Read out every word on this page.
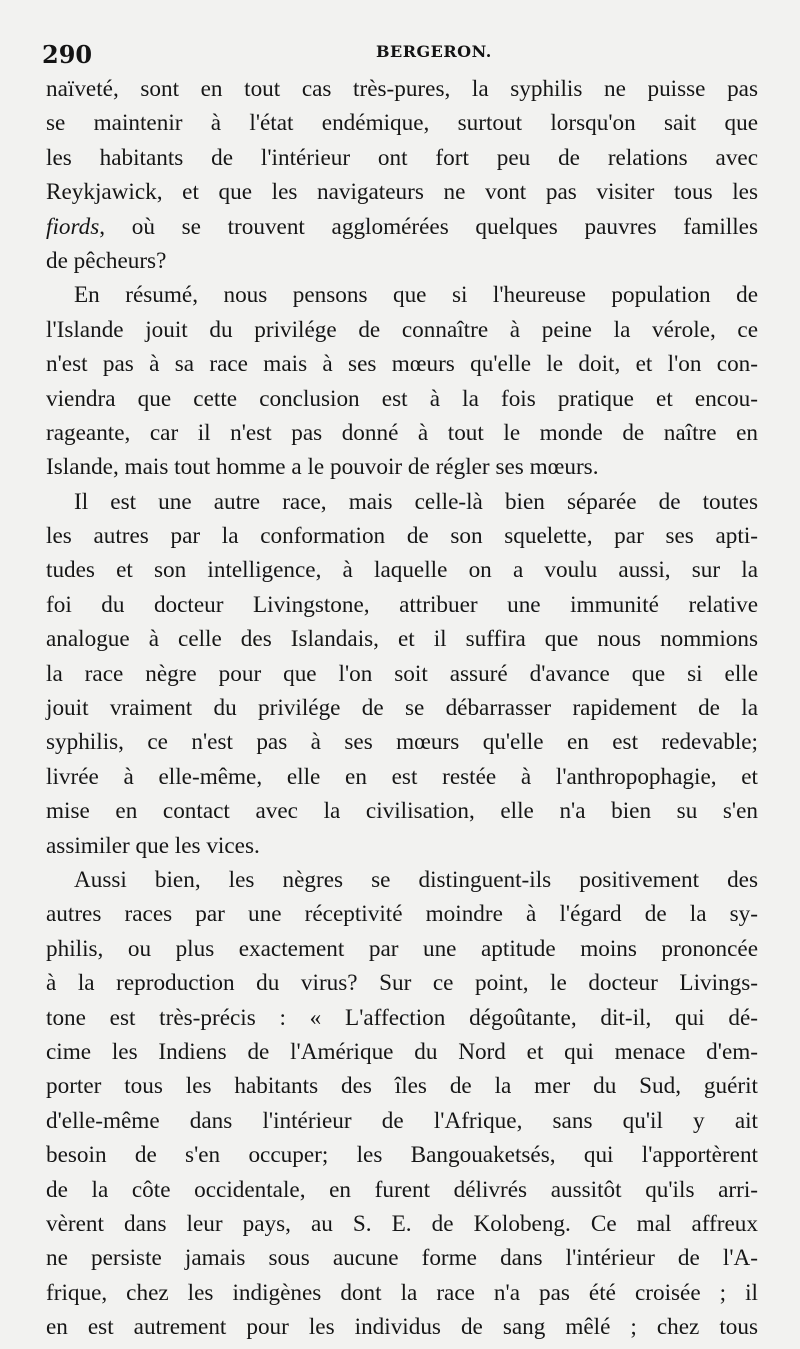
290	BERGERON.
naïveté, sont en tout cas très-pures, la syphilis ne puisse pas
se maintenir à l'état endémique, surtout lorsqu'on sait que
les habitants de l'intérieur ont fort peu de relations avec
Reykjawick, et que les navigateurs ne vont pas visiter tous les
fiords, où se trouvent agglomérées quelques pauvres familles
de pêcheurs?
En résumé, nous pensons que si l'heureuse population de
l'Islande jouit du privilége de connaître à peine la vérole, ce
n'est pas à sa race mais à ses mœurs qu'elle le doit, et l'on con-
viendra que cette conclusion est à la fois pratique et encou-
rageante, car il n'est pas donné à tout le monde de naître en
Islande, mais tout homme a le pouvoir de régler ses mœurs.
Il est une autre race, mais celle-là bien séparée de toutes
les autres par la conformation de son squelette, par ses apti-
tudes et son intelligence, à laquelle on a voulu aussi, sur la
foi du docteur Livingstone, attribuer une immunité relative
analogue à celle des Islandais, et il suffira que nous nommions
la race nègre pour que l'on soit assuré d'avance que si elle
jouit vraiment du privilége de se débarrasser rapidement de la
syphilis, ce n'est pas à ses mœurs qu'elle en est redevable;
livrée à elle-même, elle en est restée à l'anthropophagie, et
mise en contact avec la civilisation, elle n'a bien su s'en
assimiler que les vices.
Aussi bien, les nègres se distinguent-ils positivement des
autres races par une réceptivité moindre à l'égard de la sy-
philis, ou plus exactement par une aptitude moins prononcée
à la reproduction du virus? Sur ce point, le docteur Livings-
tone est très-précis : « L'affection dégoûtante, dit-il, qui dé-
cime les Indiens de l'Amérique du Nord et qui menace d'em-
porter tous les habitants des îles de la mer du Sud, guérit
d'elle-même dans l'intérieur de l'Afrique, sans qu'il y ait
besoin de s'en occuper; les Bangouaketsés, qui l'apportèrent
de la côte occidentale, en furent délivrés aussitôt qu'ils arri-
vèrent dans leur pays, au S. E. de Kolobeng. Ce mal affreux
ne persiste jamais sous aucune forme dans l'intérieur de l'A-
frique, chez les indigènes dont la race n'a pas été croisée ; il
en est autrement pour les individus de sang mêlé ; chez tous
